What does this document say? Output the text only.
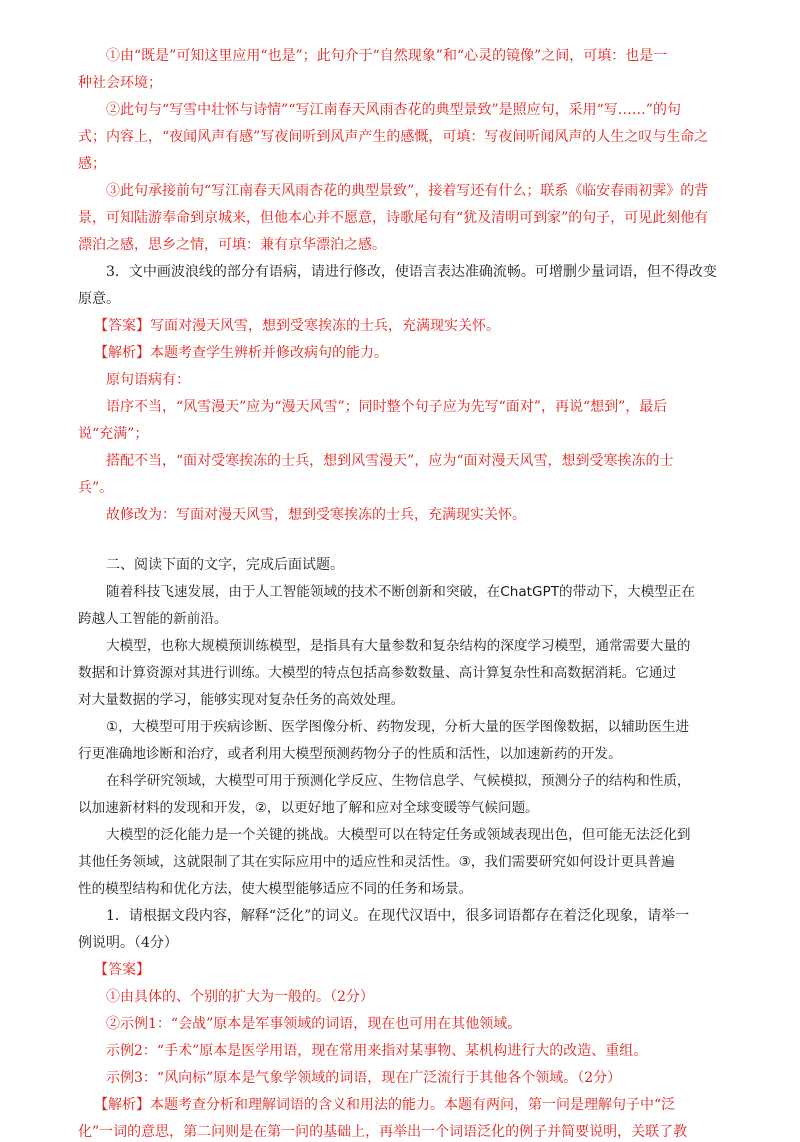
①由“既是”可知这里应用“也是”；此句介于“自然现象”和“心灵的镜像”之间，可填：也是一
种社会环境；
②此句与“写雪中壮怀与诗情”“写江南春天风雨杏花的典型景致”是照应句，采用“写……”的句
式；内容上，“夜闻风声有感”写夜间听到风声产生的感慨，可填：写夜间听闻风声的人生之叹与生命之
感；
③此句承接前句“写江南春天风雨杏花的典型景致”，接着写还有什么；联系《临安春雨初霁》的背
景，可知陆游奉命到京城来，但他本心并不愿意，诗歌尾句有“犹及清明可到家”的句子，可见此刻他有
漂泊之感，思乡之情，可填：兼有京华漂泊之感。
3．文中画波浪线的部分有语病，请进行修改，使语言表达准确流畅。可增删少量词语，但不得改变
原意。
【答案】写面对漫天风雪，想到受寒挨冻的士兵，充满现实关怀。
【解析】本题考查学生辨析并修改病句的能力。
原句语病有：
语序不当，“风雪漫天”应为“漫天风雪”；同时整个句子应为先写“面对”，再说“想到”，最后
说“充满”；
搭配不当，“面对受寒挨冻的士兵，想到风雪漫天”，应为“面对漫天风雪，想到受寒挨冻的士
兵”。
故修改为：写面对漫天风雪，想到受寒挨冻的士兵，充满现实关怀。
二、阅读下面的文字，完成后面试题。
随着科技飞速发展，由于人工智能领域的技术不断创新和突破，在ChatGPT的带动下，大模型正在
跨越人工智能的新前沿。
大模型，也称大规模预训练模型，是指具有大量参数和复杂结构的深度学习模型，通常需要大量的
数据和计算资源对其进行训练。大模型的特点包括高参数数量、高计算复杂性和高数据消耗。它通过
对大量数据的学习，能够实现对复杂任务的高效处理。
①，大模型可用于疾病诊断、医学图像分析、药物发现，分析大量的医学图像数据，以辅助医生进
行更准确地诊断和治疗，或者利用大模型预测药物分子的性质和活性，以加速新药的开发。
在科学研究领域，大模型可用于预测化学反应、生物信息学、气候模拟，预测分子的结构和性质，
以加速新材料的发现和开发，②，以更好地了解和应对全球变暖等气候问题。
大模型的泛化能力是一个关键的挑战。大模型可以在特定任务或领域表现出色，但可能无法泛化到
其他任务领域，这就限制了其在实际应用中的适应性和灵活性。③，我们需要研究如何设计更具普遍
性的模型结构和优化方法，使大模型能够适应不同的任务和场景。
1．请根据文段内容，解释“泛化”的词义。在现代汉语中，很多词语都存在着泛化现象，请举一
例说明。（4分）
【答案】
①由具体的、个别的扩大为一般的。（2分）
②示例1：“会战”原本是军事领域的词语，现在也可用在其他领域。
示例2：“手术”原本是医学用语，现在常用来指对某事物、某机构进行大的改造、重组。
示例3：“风向标”原本是气象学领域的词语，现在广泛流行于其他各个领域。（2分）
【解析】本题考查分析和理解词语的含义和用法的能力。本题有两问，第一问是理解句子中“泛
化”一词的意思，第二问则是在第一问的基础上，再举出一个词语泛化的例子并简要说明，关联了教
